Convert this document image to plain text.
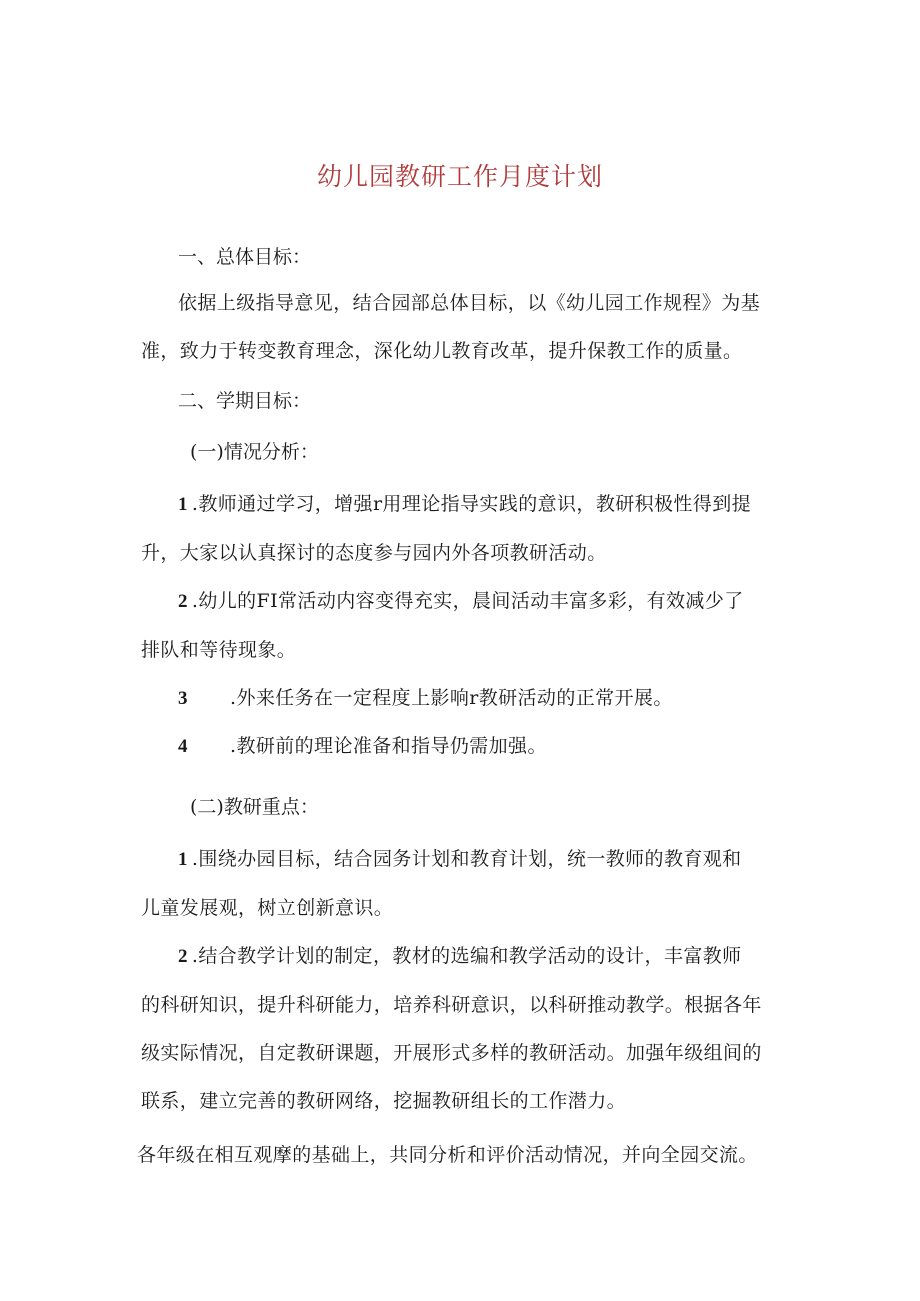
幼儿园教研工作月度计划
一、总体目标：

依据上级指导意见，结合园部总体目标，以《幼儿园工作规程》为基
准，致力于转变教育理念，深化幼儿教育改革，提升保教工作的质量。

二、学期目标：

(一)情况分析：

1 .教师通过学习，增强r用理论指导实践的意识，教研积极性得到提
升，大家以认真探讨的态度参与园内外各项教研活动。

2 .幼儿的FI常活动内容变得充实，晨间活动丰富多彩，有效减少了
排队和等待现象。

3 .外来任务在一定程度上影响r教研活动的正常开展。

4 .教研前的理论准备和指导仍需加强。

(二)教研重点：

1 .围绕办园目标，结合园务计划和教育计划，统一教师的教育观和
儿童发展观，树立创新意识。

2 .结合教学计划的制定，教材的选编和教学活动的设计，丰富教师
的科研知识，提升科研能力，培养科研意识，以科研推动教学。根据各年
级实际情况，自定教研课题，开展形式多样的教研活动。加强年级组间的
联系，建立完善的教研网络，挖掘教研组长的工作潜力。

各年级在相互观摩的基础上，共同分析和评价活动情况，并向全园交流。
